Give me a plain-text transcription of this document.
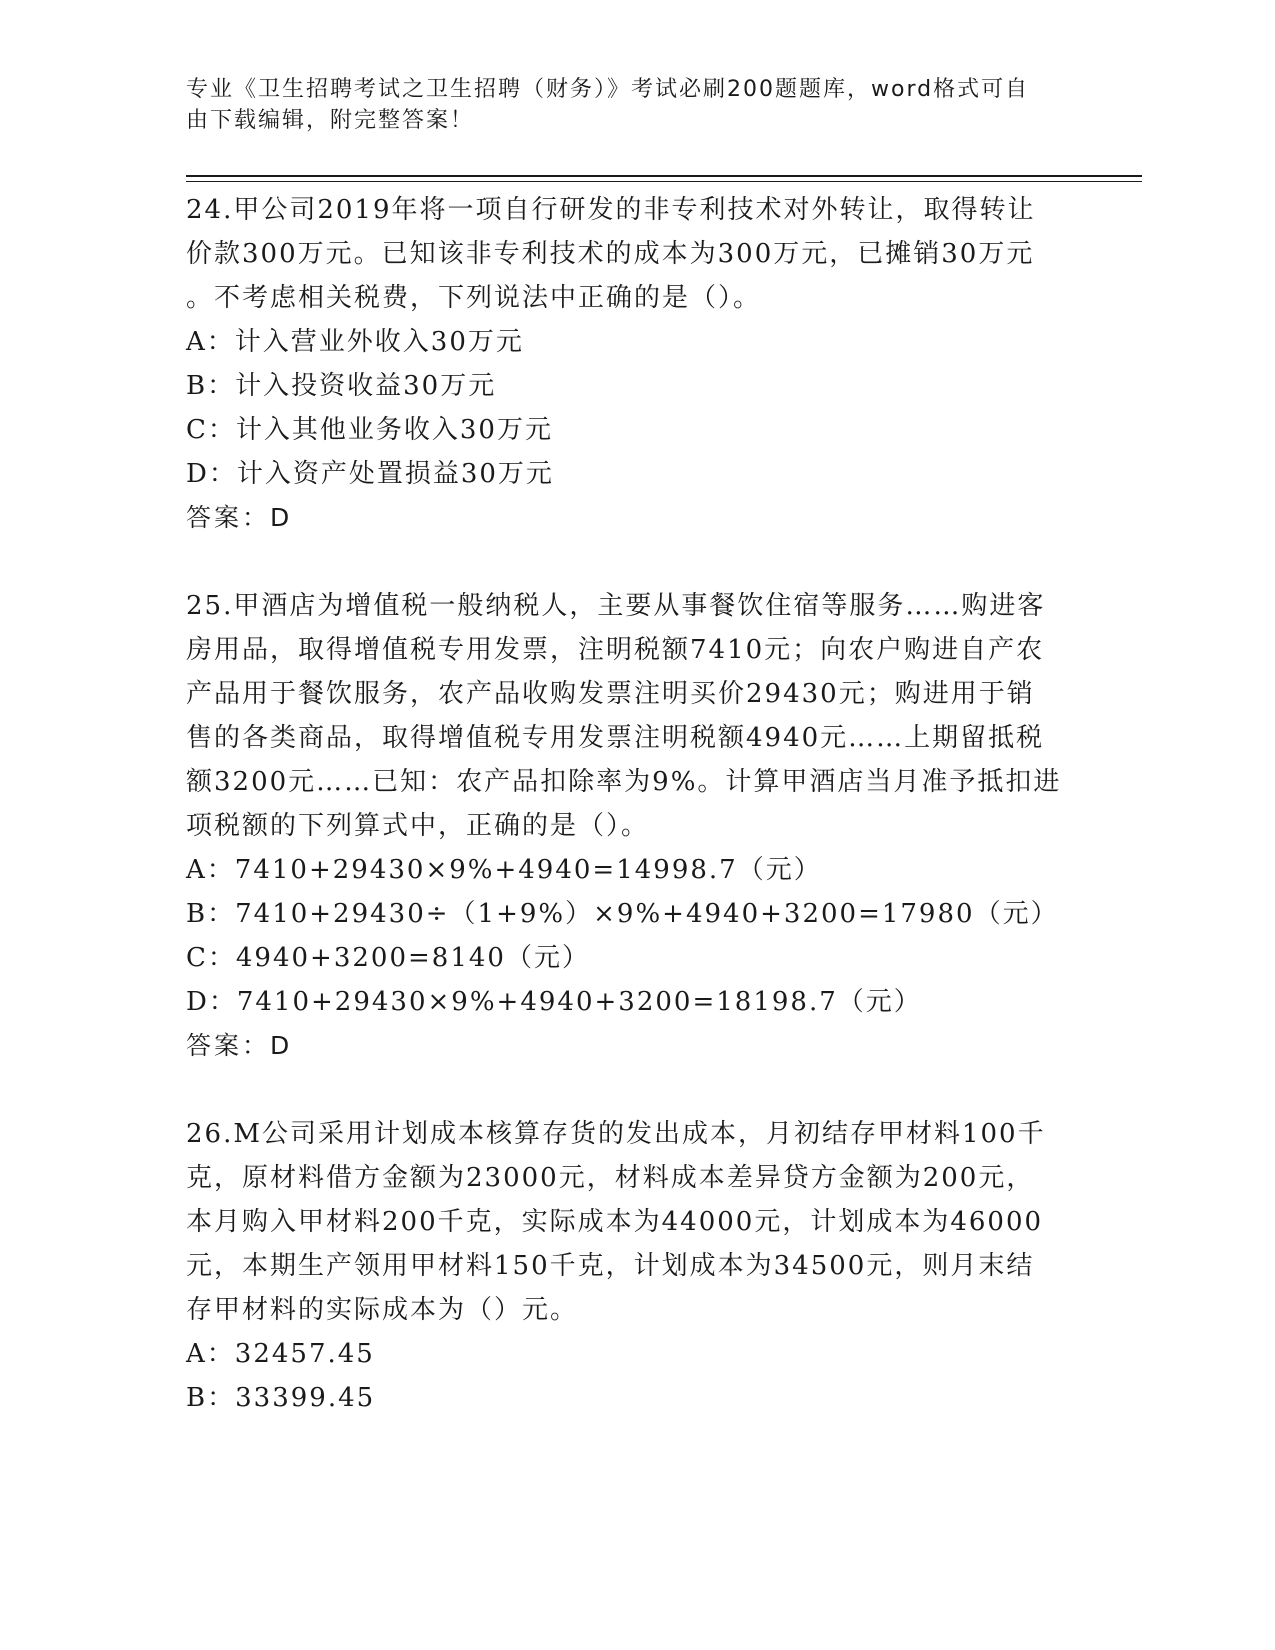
专业《卫生招聘考试之卫生招聘（财务）》考试必刷200题题库，word格式可自
由下载编辑，附完整答案！
24.甲公司2019年将一项自行研发的非专利技术对外转让，取得转让
价款300万元。已知该非专利技术的成本为300万元，已摊销30万元
。不考虑相关税费，下列说法中正确的是（）。
A：计入营业外收入30万元
B：计入投资收益30万元
C：计入其他业务收入30万元
D：计入资产处置损益30万元
答案：D
25.甲酒店为增值税一般纳税人，主要从事餐饮住宿等服务……购进客
房用品，取得增值税专用发票，注明税额7410元；向农户购进自产农
产品用于餐饮服务，农产品收购发票注明买价29430元；购进用于销
售的各类商品，取得增值税专用发票注明税额4940元……上期留抵税
额3200元……已知：农产品扣除率为9%。计算甲酒店当月准予抵扣进
项税额的下列算式中，正确的是（）。
A：7410+29430×9%+4940=14998.7（元）
B：7410+29430÷（1+9%）×9%+4940+3200=17980（元）
C：4940+3200=8140（元）
D：7410+29430×9%+4940+3200=18198.7（元）
答案：D
26.M公司采用计划成本核算存货的发出成本，月初结存甲材料100千
克，原材料借方金额为23000元，材料成本差异贷方金额为200元，
本月购入甲材料200千克，实际成本为44000元，计划成本为46000
元，本期生产领用甲材料150千克，计划成本为34500元，则月末结
存甲材料的实际成本为（）元。
A：32457.45
B：33399.45
